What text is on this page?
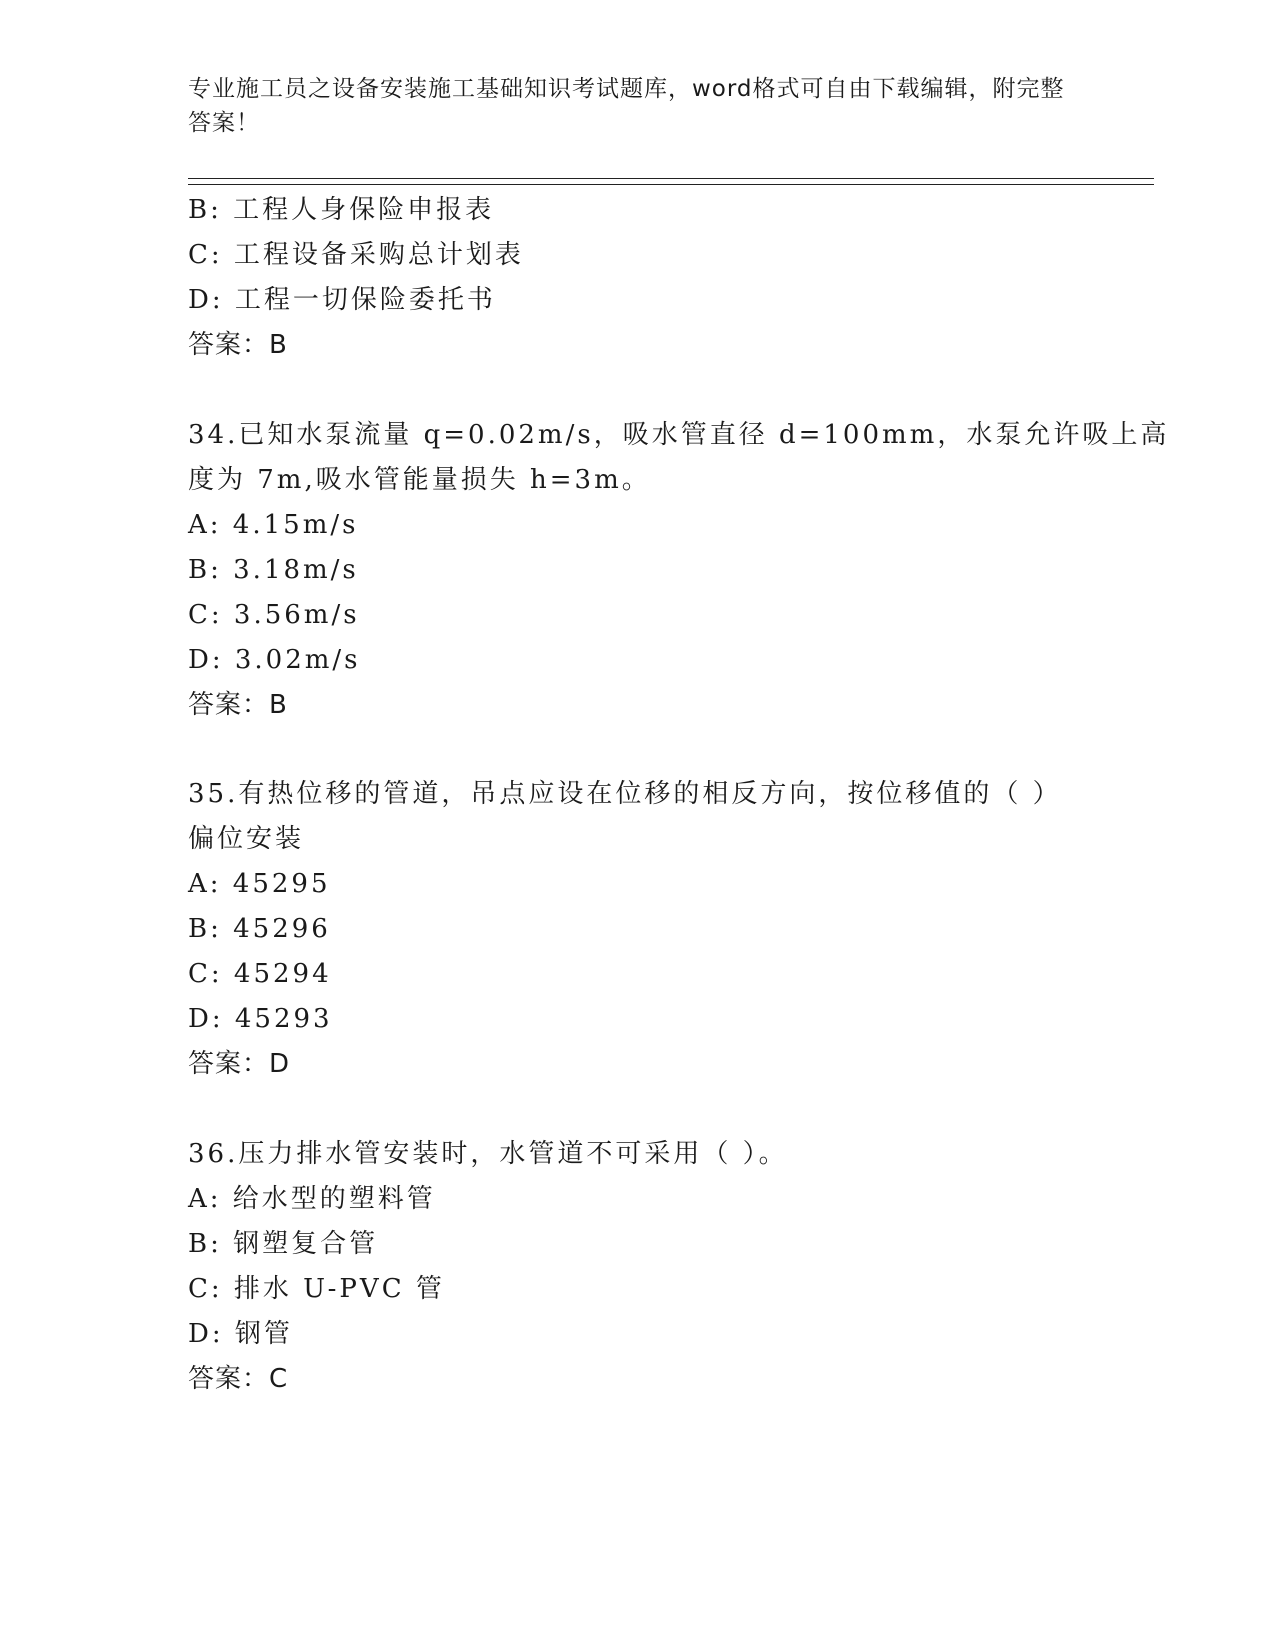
专业施工员之设备安装施工基础知识考试题库，word格式可自由下载编辑，附完整答案！
B: 工程人身保险申报表
C: 工程设备采购总计划表
D: 工程一切保险委托书
答案：B
34.已知水泵流量 q=0.02m/s，吸水管直径 d=100mm，水泵允许吸上高
度为 7m,吸水管能量损失 h=3m。
A: 4.15m/s
B: 3.18m/s
C: 3.56m/s
D: 3.02m/s
答案：B
35.有热位移的管道，吊点应设在位移的相反方向，按位移值的（ ）
偏位安装
A: 45295
B: 45296
C: 45294
D: 45293
答案：D
36.压力排水管安装时，水管道不可采用（ ）。
A: 给水型的塑料管
B: 钢塑复合管
C: 排水 U-PVC 管
D: 钢管
答案：C
